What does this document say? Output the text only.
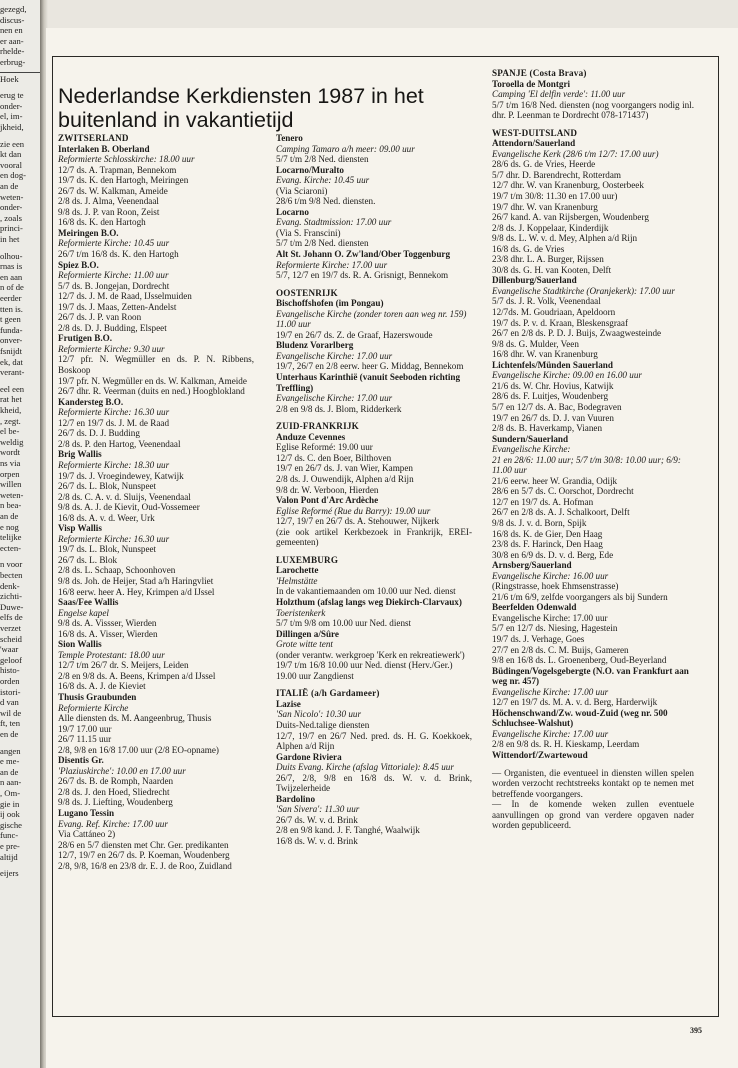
gezegd,
discus-
nen en
er aan-
rhelde-
erbrug-
Hoek
erug te
onder-
el, im-
jkheid,
zie een
kt dan
vooral
en dog-
an de
weten-
onder-
, zoals
princi-
in het
olhou-
rnas is
en aan
n of de
eerder
tten is.
t geen
funda-
onver-
fsnijdt
ek, dat
verant-
eel een
rat het
kheid,
, zegt.
el be-
weldig
wordt
ns via
orpen
willen
weten-
n bea-
an de
e nog
telijke
ecten-
n voor
becten
denk-
zichti-
Duwe-
elfs de
verzet
scheid
'waar
geloof
histo-
orden
istori-
d van
wil de
ft, ten
en de
angen
e me-
an de
n aan-
, Om-
gie in
ij ook
gische
func-
e pre-
altijd
eijers
Nederlandse Kerkdiensten 1987 in het buitenland in vakantietijd
ZWITSERLAND
Interlaken B. Oberland
Reformierte Schlosskirche: 18.00 uur
12/7 ds. A. Trapman, Bennekom
19/7 ds. K. den Hartogh, Meiringen
26/7 ds. W. Kalkman, Ameide
2/8 ds. J. Alma, Veenendaal
9/8 ds. J. P. van Roon, Zeist
16/8 ds. K. den Hartogh
Meiringen B.O.
Reformierte Kirche: 10.45 uur
26/7 t/m 16/8 ds. K. den Hartogh
Spiez B.O.
Reformierte Kirche: 11.00 uur
5/7 ds. B. Jongejan, Dordrecht
12/7 ds. J. M. de Raad, IJsselmuiden
19/7 ds. J. Maas, Zetten-Andelst
26/7 ds. J. P. van Roon
2/8 ds. D. J. Budding, Elspeet
Frutigen B.O.
Reformierte Kirche: 9.30 uur
12/7 pfr. N. Wegmüller en ds. P. N. Ribbens, Boskoop
19/7 pfr. N. Wegmüller en ds. W. Kalkman, Ameide
26/7 dhr. R. Veerman (duits en ned.) Hoogblokland
Kandersteg B.O.
Reformierte Kirche: 16.30 uur
12/7 en 19/7 ds. J. M. de Raad
26/7 ds. D. J. Budding
2/8 ds. P. den Hartog, Veenendaal
Brig Wallis
Reformierte Kirche: 18.30 uur
19/7 ds. J. Vroegindewey, Katwijk
26/7 ds. L. Blok, Nunspeet
2/8 ds. C. A. v. d. Sluijs, Veenendaal
9/8 ds. A. J. de Kievit, Oud-Vossemeer
16/8 ds. A. v. d. Weer, Urk
Visp Wallis
Reformierte Kirche: 16.30 uur
19/7 ds. L. Blok, Nunspeet
26/7 ds. L. Blok
2/8 ds. L. Schaap, Schoonhoven
9/8 ds. Joh. de Heijer, Stad a/h Haringvliet
16/8 eerw. heer A. Hey, Krimpen a/d IJssel
Saas/Fee Wallis
Engelse kapel
9/8 ds. A. Vissser, Wierden
16/8 ds. A. Visser, Wierden
Sion Wallis
Temple Protestant: 18.00 uur
12/7 t/m 26/7 dr. S. Meijers, Leiden
2/8 en 9/8 ds. A. Beens, Krimpen a/d IJssel
16/8 ds. A. J. de Kieviet
Thusis Graubunden
Reformierte Kirche
Alle diensten ds. M. Aangeenbrug, Thusis
19/7 17.00 uur
26/7 11.15 uur
2/8, 9/8 en 16/8 17.00 uur (2/8 EO-opname)
Disentis Gr.
'Plaziuskirche': 10.00 en 17.00 uur
26/7 ds. B. de Romph, Naarden
2/8 ds. J. den Hoed, Sliedrecht
9/8 ds. J. Liefting, Woudenberg
Lugano Tessin
Evang. Ref. Kirche: 17.00 uur
Via Cattáneo 2)
28/6 en 5/7 diensten met Chr. Ger. predikanten
12/7, 19/7 en 26/7 ds. P. Koeman, Woudenberg
2/8, 9/8, 16/8 en 23/8 dr. E. J. de Roo, Zuidland
Tenero
Camping Tamaro a/h meer: 09.00 uur
5/7 t/m 2/8 Ned. diensten
Locarno/Muralto
Evang. Kirche: 10.45 uur
(Via Sciaroni)
28/6 t/m 9/8 Ned. diensten.
Locarno
Evang. Stadtmission: 17.00 uur
(Via S. Franscini)
5/7 t/m 2/8 Ned. diensten
Alt St. Johann O. Zw'land/Ober Toggenburg
Reformierte Kirche: 17.00 uur
5/7, 12/7 en 19/7 ds. R. A. Grisnigt, Bennekom
OOSTENRIJK
Bischoffshofen (im Pongau)
Evangelische Kirche (zonder toren aan weg nr. 159) 11.00 uur
19/7 en 26/7 ds. Z. de Graaf, Hazerswoude
Bludenz Vorarlberg
Evangelische Kirche: 17.00 uur
19/7, 26/7 en 2/8 eerw. heer G. Middag, Bennekom
Unterhaus Karinthië (vanuit Seeboden richting Treffling)
Evangelische Kirche: 17.00 uur
2/8 en 9/8 ds. J. Blom, Ridderkerk
ZUID-FRANKRIJK
Anduze Cevennes
Eglise Reformé: 19.00 uur
12/7 ds. C. den Boer, Bilthoven
19/7 en 26/7 ds. J. van Wier, Kampen
2/8 ds. J. Ouwendijk, Alphen a/d Rijn
9/8 dr. W. Verboon, Hierden
Valon Pont d'Arc Ardèche
Eglise Reformé (Rue du Barry): 19.00 uur
12/7, 19/7 en 26/7 ds. A. Stehouwer, Nijkerk
(zie ook artikel Kerkbezoek in Frankrijk, EREI-gemeenten)
LUXEMBURG
Larochette
'Helmstätte
In de vakantiemaanden om 10.00 uur Ned. dienst
Holzthum (afslag langs weg Diekirch-Clarvaux)
Toeristenkerk
5/7 t/m 9/8 om 10.00 uur Ned. dienst
Dillingen a/Sûre
Grote witte tent
(onder verantw. werkgroep 'Kerk en rekreatiewerk')
19/7 t/m 16/8 10.00 uur Ned. dienst (Herv./Ger.)
19.00 uur Zangdienst
ITALIË (a/h Gardameer)
Lazise
'San Nicolo': 10.30 uur
Duits-Ned.talige diensten
12/7, 19/7 en 26/7 Ned. pred. ds. H. G. Koekkoek, Alphen a/d Rijn
Gardone Riviera
Duits Evang. Kirche (afslag Vittoriale): 8.45 uur
26/7, 2/8, 9/8 en 16/8 ds. W. v. d. Brink, Twijzelerheide
Bardolino
'San Sivera': 11.30 uur
26/7 ds. W. v. d. Brink
2/8 en 9/8 kand. J. F. Tanghé, Waalwijk
16/8 ds. W. v. d. Brink
SPANJE (Costa Brava)
Toroella de Montgri
Camping 'El delfin verde': 11.00 uur
5/7 t/m 16/8 Ned. diensten (nog voorgangers nodig inl. dhr. P. Leenman te Dordrecht 078-171437)
WEST-DUITSLAND
Attendorn/Sauerland
Evangelische Kerk (28/6 t/m 12/7: 17.00 uur)
28/6 ds. G. de Vries, Heerde
5/7 dhr. D. Barendrecht, Rotterdam
12/7 dhr. W. van Kranenburg, Oosterbeek
19/7 t/m 30/8: 11.30 en 17.00 uur)
19/7 dhr. W. van Kranenburg
26/7 kand. A. van Rijsbergen, Woudenberg
2/8 ds. J. Koppelaar, Kinderdijk
9/8 ds. L. W. v. d. Mey, Alphen a/d Rijn
16/8 ds. G. de Vries
23/8 dhr. L. A. Burger, Rijssen
30/8 ds. G. H. van Kooten, Delft
Dillenburg/Sauerland
Evangelische Stadtkirche (Oranjekerk): 17.00 uur
5/7 ds. J. R. Volk, Veenendaal
12/7ds. M. Goudriaan, Apeldoorn
19/7 ds. P. v. d. Kraan, Bleskensgraaf
26/7 en 2/8 ds. P. D. J. Buijs, Zwaagwesteinde
9/8 ds. G. Mulder, Veen
16/8 dhr. W. van Kranenburg
Lichtenfels/Münden Sauerland
Evangelische Kirche: 09.00 en 16.00 uur
21/6 ds. W. Chr. Hovius, Katwijk
28/6 ds. F. Luitjes, Woudenberg
5/7 en 12/7 ds. A. Bac, Bodegraven
19/7 en 26/7 ds. D. J. van Vuuren
2/8 ds. B. Haverkamp, Vianen
Sundern/Sauerland
Evangelische Kirche:
21 en 28/6: 11.00 uur; 5/7 t/m 30/8: 10.00 uur; 6/9: 11.00 uur
21/6 eerw. heer W. Grandia, Odijk
28/6 en 5/7 ds. C. Oorschot, Dordrecht
12/7 en 19/7 ds. A. Hofman
26/7 en 2/8 ds. A. J. Schalkoort, Delft
9/8 ds. J. v. d. Born, Spijk
16/8 ds. K. de Gier, Den Haag
23/8 ds. F. Harinck, Den Haag
30/8 en 6/9 ds. D. v. d. Berg, Ede
Arnsberg/Sauerland
Evangelische Kirche: 16.00 uur
(Ringstrasse, hoek Ehmsenstrasse)
21/6 t/m 6/9, zelfde voorgangers als bij Sundern
Beerfelden Odenwald
Evangelische Kirche: 17.00 uur
5/7 en 12/7 ds. Niesing, Hagestein
19/7 ds. J. Verhage, Goes
27/7 en 2/8 ds. C. M. Buijs, Gameren
9/8 en 16/8 ds. L. Groenenberg, Oud-Beyerland
Büdingen/Vogelsgebergte (N.O. van Frankfurt aan weg nr. 457)
Evangelische Kirche: 17.00 uur
12/7 en 19/7 ds. M. A. v. d. Berg, Harderwijk
Höchenschwand/Zw. woud-Zuid (weg nr. 500 Schluchsee-Walshut)
Evangelische Kirche: 17.00 uur
2/8 en 9/8 ds. R. H. Kieskamp, Leerdam
Wittendorf/Zwartewoud
— Organisten, die eventueel in diensten willen spelen worden verzocht rechtstreeks kontakt op te nemen met betreffende voorgangers.
— In de komende weken zullen eventuele aanvullingen op grond van verdere opgaven nader worden gepubliceerd.
395
